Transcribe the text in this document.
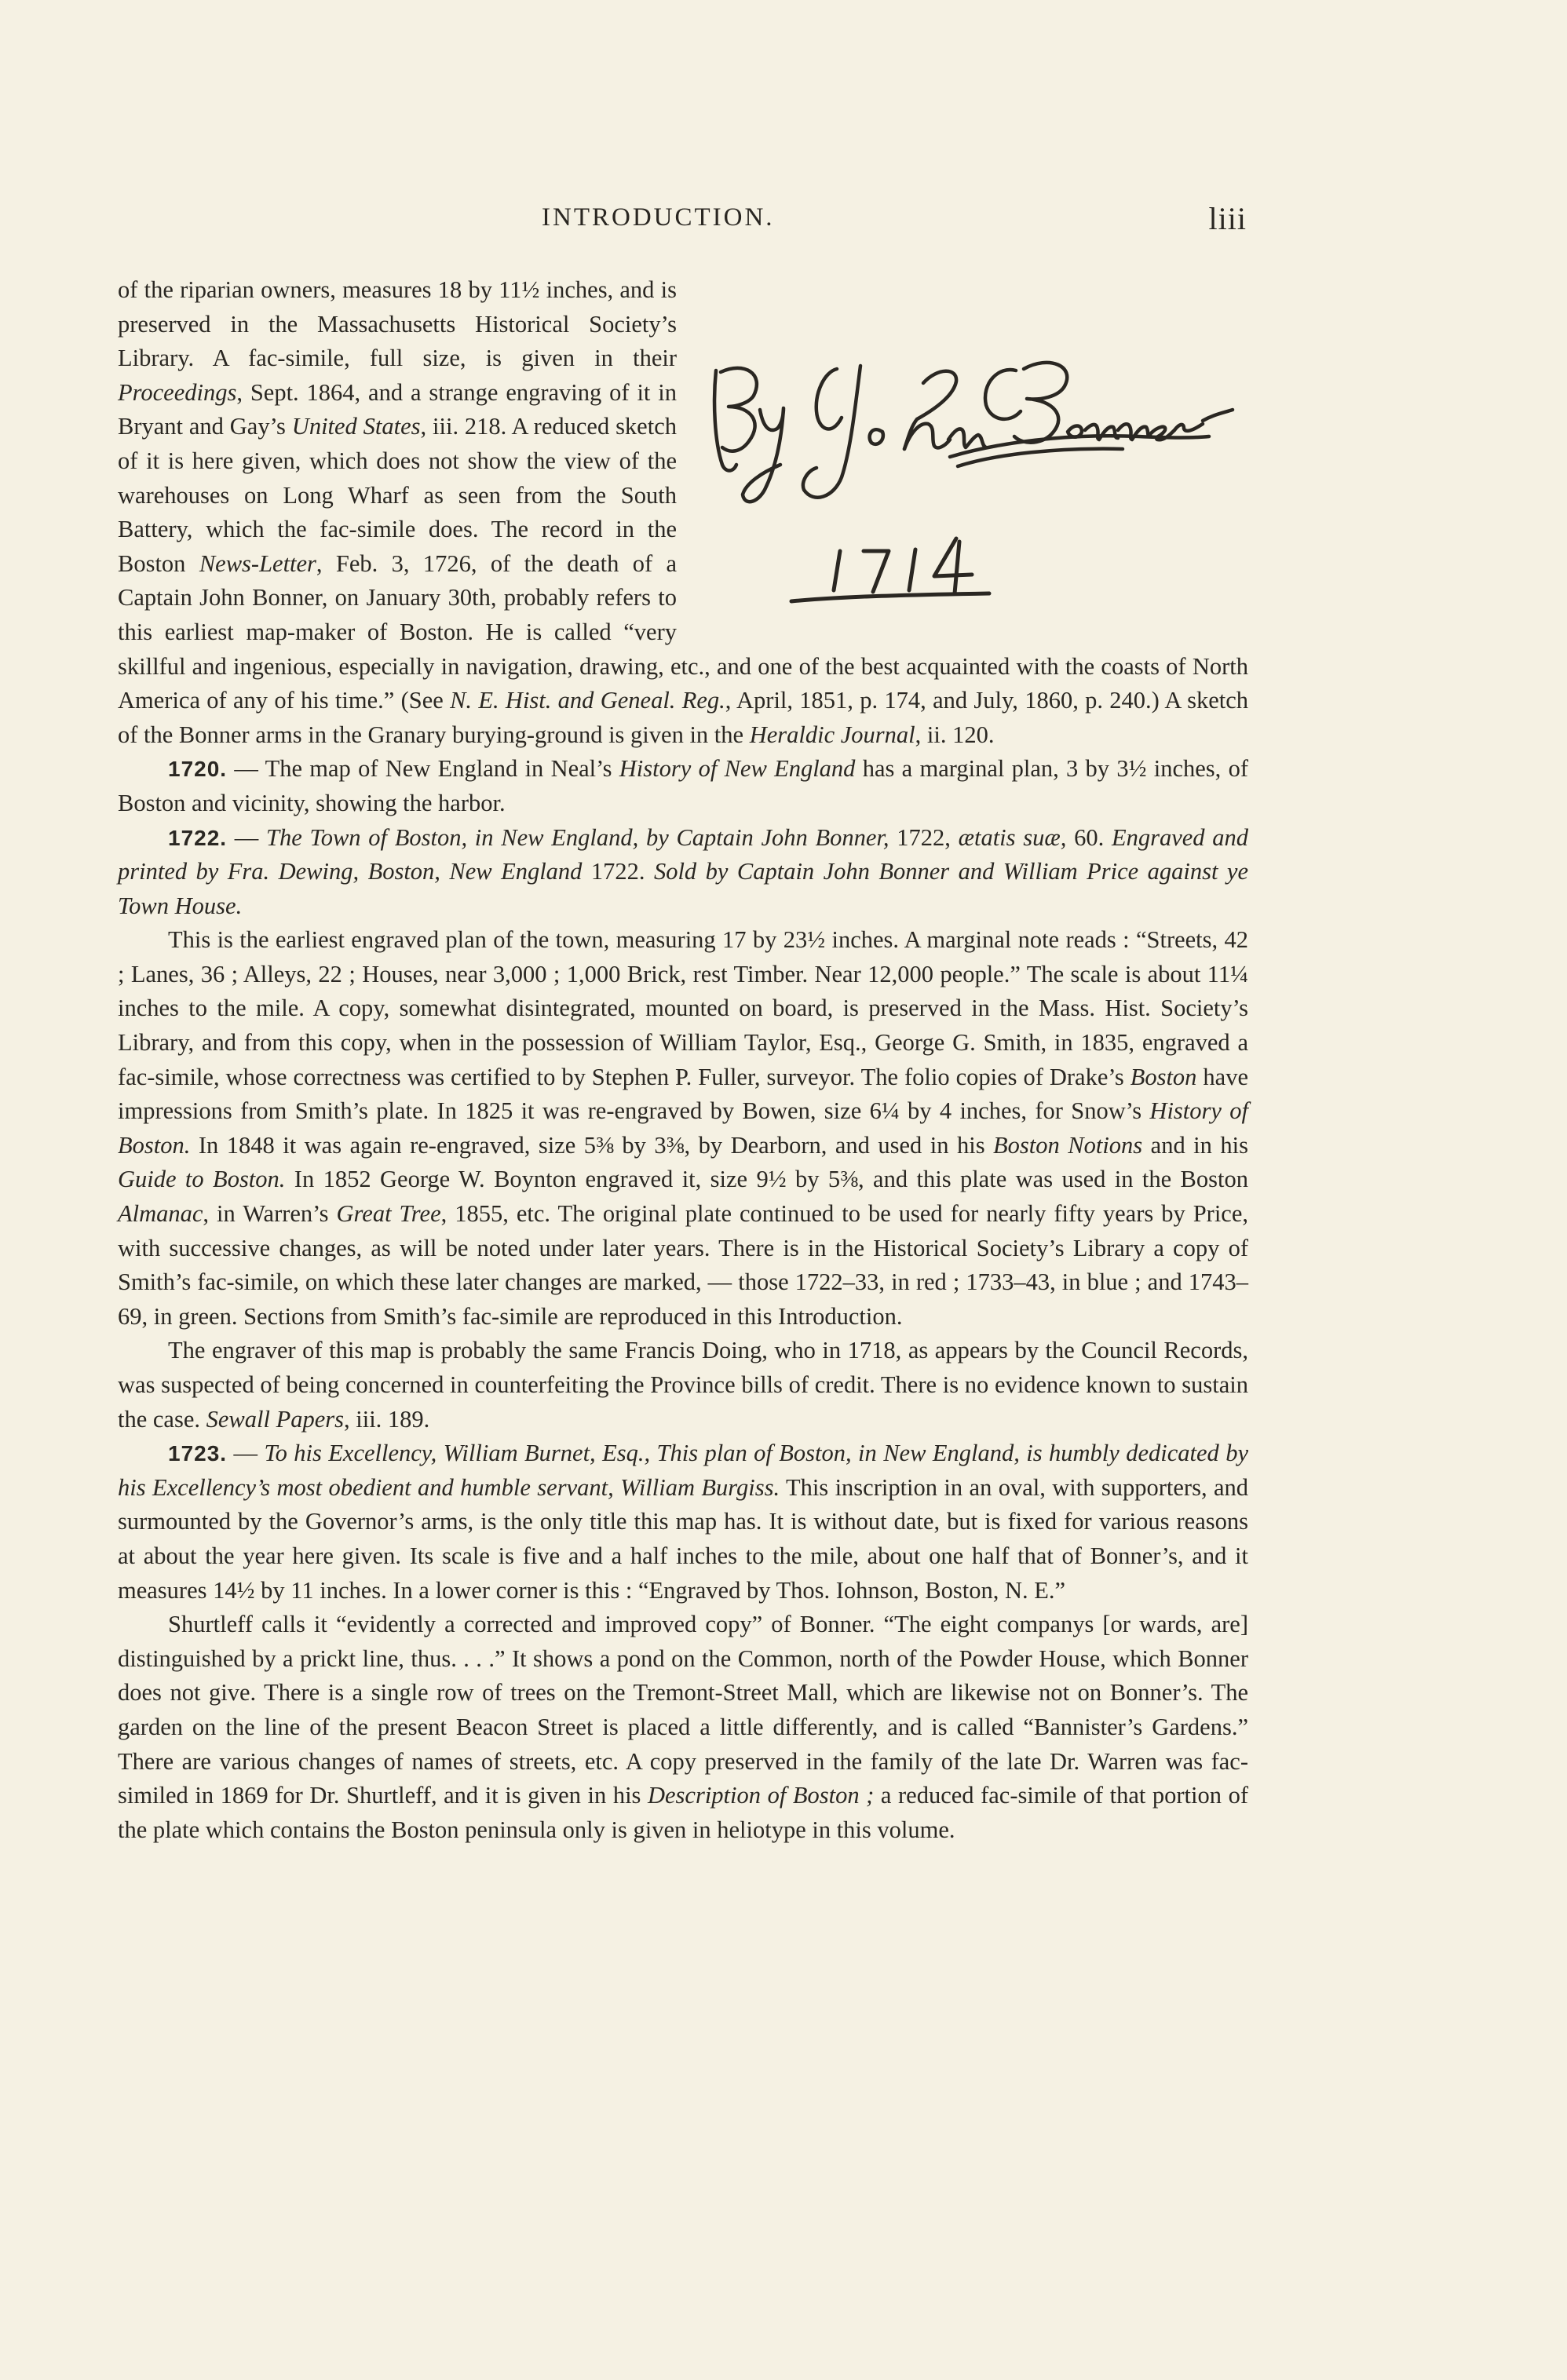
INTRODUCTION.	liii

of the riparian owners, measures 18 by 11½ inches, and is preserved in the Massachusetts Historical Society’s Library. A fac-simile, full size, is given in their Proceedings, Sept. 1864, and a strange engraving of it in Bryant and Gay’s United States, iii. 218. A reduced sketch of it is here given, which does not show the view of the warehouses on Long Wharf as seen from the South Battery, which the fac-simile does. The record in the Boston News-Letter, Feb. 3, 1726, of the death of a Captain John Bonner, on January 30th, probably refers to this earliest map-maker of Boston. He is called “very skillful and ingenious, especially in navigation, drawing, etc., and one of the best acquainted with the coasts of North America of any of his time.” (See N. E. Hist. and Geneal. Reg., April, 1851, p. 174, and July, 1860, p. 240.) A sketch of the Bonner arms in the Granary burying-ground is given in the Heraldic Journal, ii. 120.

1720. — The map of New England in Neal’s History of New England has a marginal plan, 3 by 3½ inches, of Boston and vicinity, showing the harbor.

1722. — The Town of Boston, in New England, by Captain John Bonner, 1722, ætatis suæ, 60. Engraved and printed by Fra. Dewing, Boston, New England 1722. Sold by Captain John Bonner and William Price against ye Town House.

This is the earliest engraved plan of the town, measuring 17 by 23½ inches. A marginal note reads : “Streets, 42 ; Lanes, 36 ; Alleys, 22 ; Houses, near 3,000 ; 1,000 Brick, rest Timber. Near 12,000 people.” The scale is about 11¼ inches to the mile. A copy, somewhat disintegrated, mounted on board, is preserved in the Mass. Hist. Society’s Library, and from this copy, when in the possession of William Taylor, Esq., George G. Smith, in 1835, engraved a fac-simile, whose correctness was certified to by Stephen P. Fuller, surveyor. The folio copies of Drake’s Boston have impressions from Smith’s plate. In 1825 it was re-engraved by Bowen, size 6¼ by 4 inches, for Snow’s History of Boston. In 1848 it was again re-engraved, size 5⅜ by 3⅜, by Dearborn, and used in his Boston Notions and in his Guide to Boston. In 1852 George W. Boynton engraved it, size 9½ by 5⅜, and this plate was used in the Boston Almanac, in Warren’s Great Tree, 1855, etc. The original plate continued to be used for nearly fifty years by Price, with successive changes, as will be noted under later years. There is in the Historical Society’s Library a copy of Smith’s fac-simile, on which these later changes are marked, — those 1722–33, in red ; 1733–43, in blue ; and 1743–69, in green. Sections from Smith’s fac-simile are reproduced in this Introduction.

The engraver of this map is probably the same Francis Doing, who in 1718, as appears by the Council Records, was suspected of being concerned in counterfeiting the Province bills of credit. There is no evidence known to sustain the case. Sewall Papers, iii. 189.

1723. — To his Excellency, William Burnet, Esq., This plan of Boston, in New England, is humbly dedicated by his Excellency’s most obedient and humble servant, William Burgiss. This inscription in an oval, with supporters, and surmounted by the Governor’s arms, is the only title this map has. It is without date, but is fixed for various reasons at about the year here given. Its scale is five and a half inches to the mile, about one half that of Bonner’s, and it measures 14½ by 11 inches. In a lower corner is this : “Engraved by Thos. Iohnson, Boston, N. E.”

Shurtleff calls it “evidently a corrected and improved copy” of Bonner. “The eight companys [or wards, are] distinguished by a prickt line, thus. . . .” It shows a pond on the Common, north of the Powder House, which Bonner does not give. There is a single row of trees on the Tremont-Street Mall, which are likewise not on Bonner’s. The garden on the line of the present Beacon Street is placed a little differently, and is called “Bannister’s Gardens.” There are various changes of names of streets, etc. A copy preserved in the family of the late Dr. Warren was fac-similed in 1869 for Dr. Shurtleff, and it is given in his Description of Boston ; a reduced fac-simile of that portion of the plate which contains the Boston peninsula only is given in heliotype in this volume.
